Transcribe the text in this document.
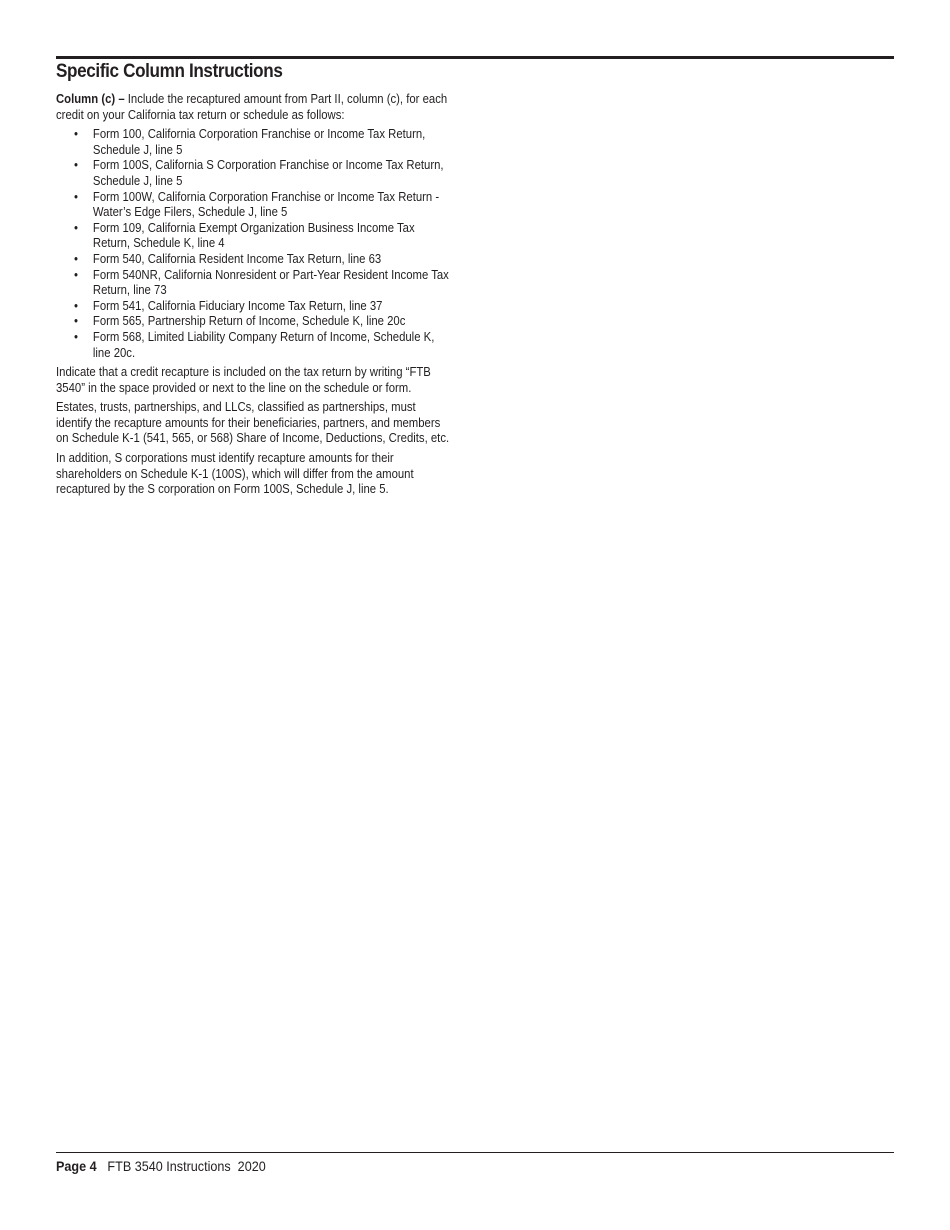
Specific Column Instructions

Column (c) – Include the recaptured amount from Part II, column (c), for each credit on your California tax return or schedule as follows:

• Form 100, California Corporation Franchise or Income Tax Return, Schedule J, line 5
• Form 100S, California S Corporation Franchise or Income Tax Return, Schedule J, line 5
• Form 100W, California Corporation Franchise or Income Tax Return - Water’s Edge Filers, Schedule J, line 5
• Form 109, California Exempt Organization Business Income Tax Return, Schedule K, line 4
• Form 540, California Resident Income Tax Return, line 63
• Form 540NR, California Nonresident or Part-Year Resident Income Tax Return, line 73
• Form 541, California Fiduciary Income Tax Return, line 37
• Form 565, Partnership Return of Income, Schedule K, line 20c
• Form 568, Limited Liability Company Return of Income, Schedule K, line 20c.

Indicate that a credit recapture is included on the tax return by writing “FTB 3540” in the space provided or next to the line on the schedule or form.

Estates, trusts, partnerships, and LLCs, classified as partnerships, must identify the recapture amounts for their beneficiaries, partners, and members on Schedule K-1 (541, 565, or 568) Share of Income, Deductions, Credits, etc.

In addition, S corporations must identify recapture amounts for their shareholders on Schedule K-1 (100S), which will differ from the amount recaptured by the S corporation on Form 100S, Schedule J, line 5.

Page 4 FTB 3540 Instructions  2020
